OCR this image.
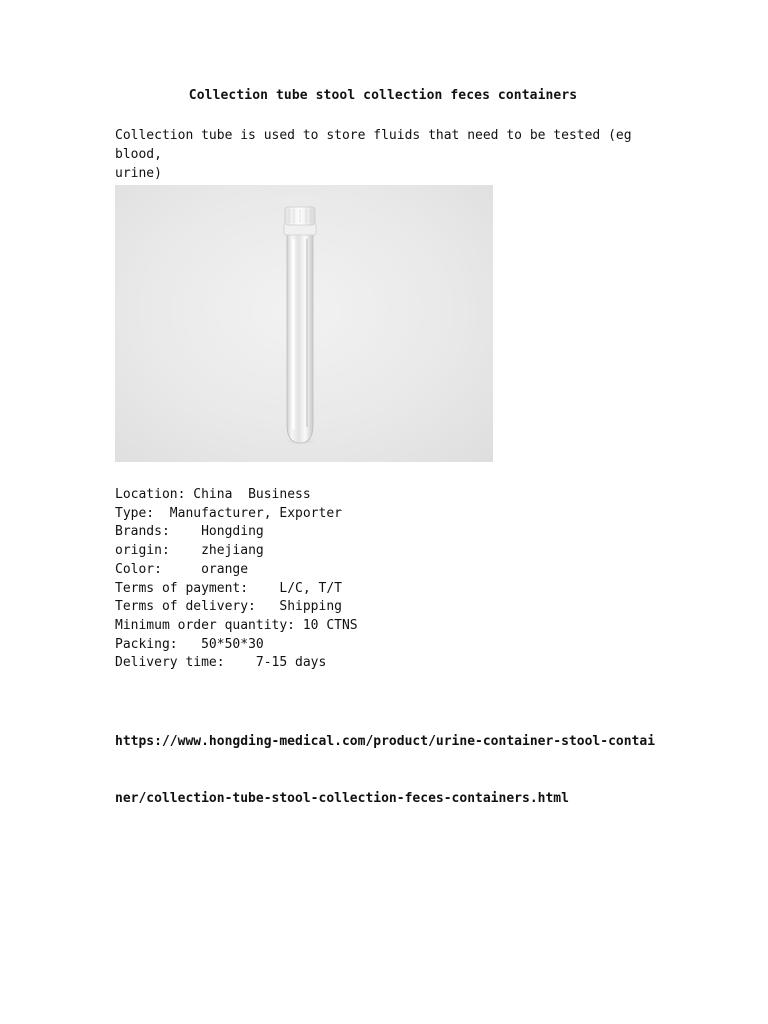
Collection tube stool collection feces containers
Collection tube is used to store fluids that need to be tested (eg blood,
urine)
Location: China  Business
Type: Manufacturer, Exporter
Brands: Hongding
origin: zhejiang
Color:	orange
Terms of payment: L/C, T/T
Terms of delivery: Shipping
Minimum order quantity: 10 CTNS
Packing: 50*50*30
Delivery time: 7-15 days

https://www.hongding-medical.com/product/urine-container-stool-contai

ner/collection-tube-stool-collection-feces-containers.html
